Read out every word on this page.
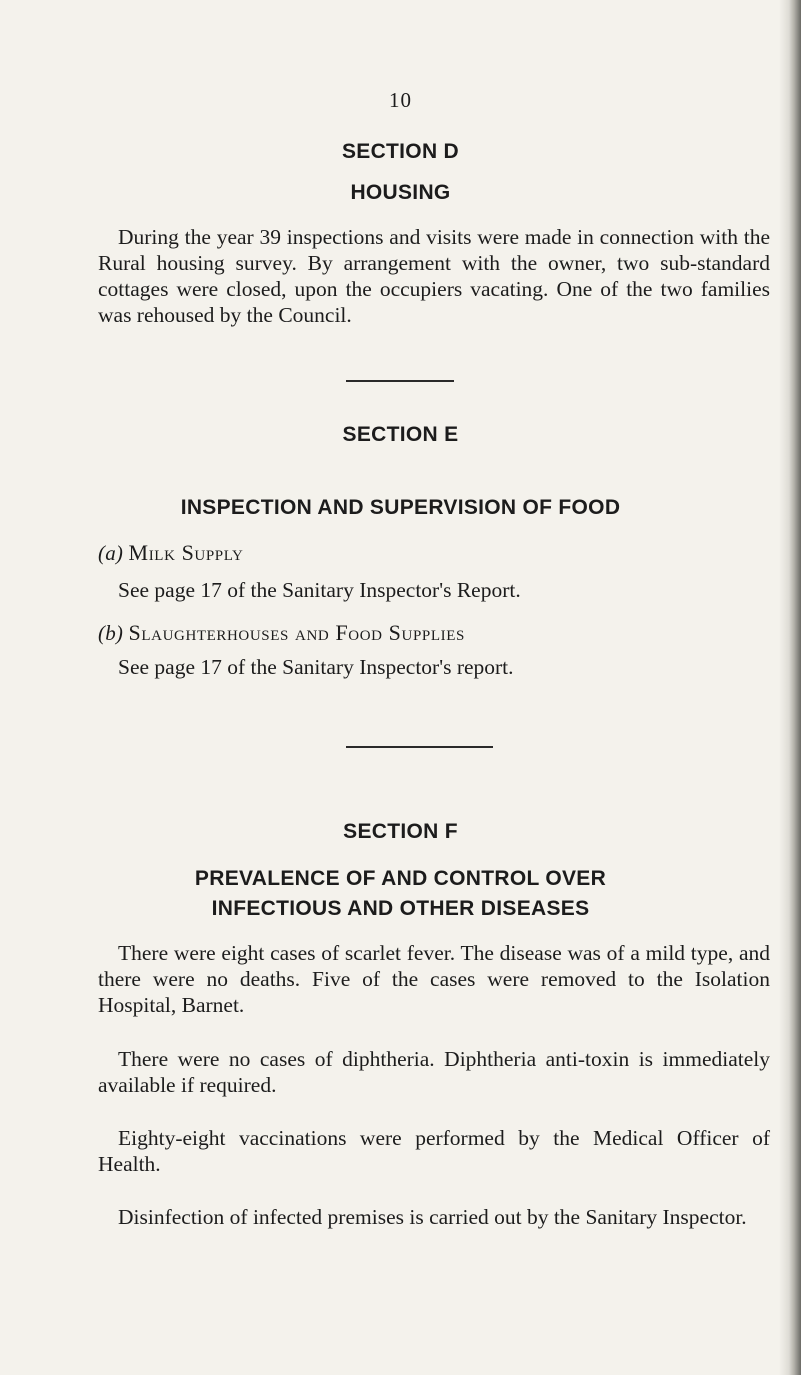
10
SECTION D
HOUSING

During the year 39 inspections and visits were made in connection with the Rural housing survey. By arrangement with the owner, two sub-standard cottages were closed, upon the occupiers vacating. One of the two families was rehoused by the Council.

SECTION E
INSPECTION AND SUPERVISION OF FOOD
(a) Milk Supply
See page 17 of the Sanitary Inspector's Report.
(b) Slaughterhouses and Food Supplies
See page 17 of the Sanitary Inspector's report.
SECTION F
PREVALENCE OF AND CONTROL OVER
INFECTIOUS AND OTHER DISEASES

There were eight cases of scarlet fever. The disease was of a mild type, and there were no deaths. Five of the cases were removed to the Isolation Hospital, Barnet.

There were no cases of diphtheria. Diphtheria anti-toxin is immediately available if required.

Eighty-eight vaccinations were performed by the Medical Officer of Health.

Disinfection of infected premises is carried out by the Sanitary Inspector.
